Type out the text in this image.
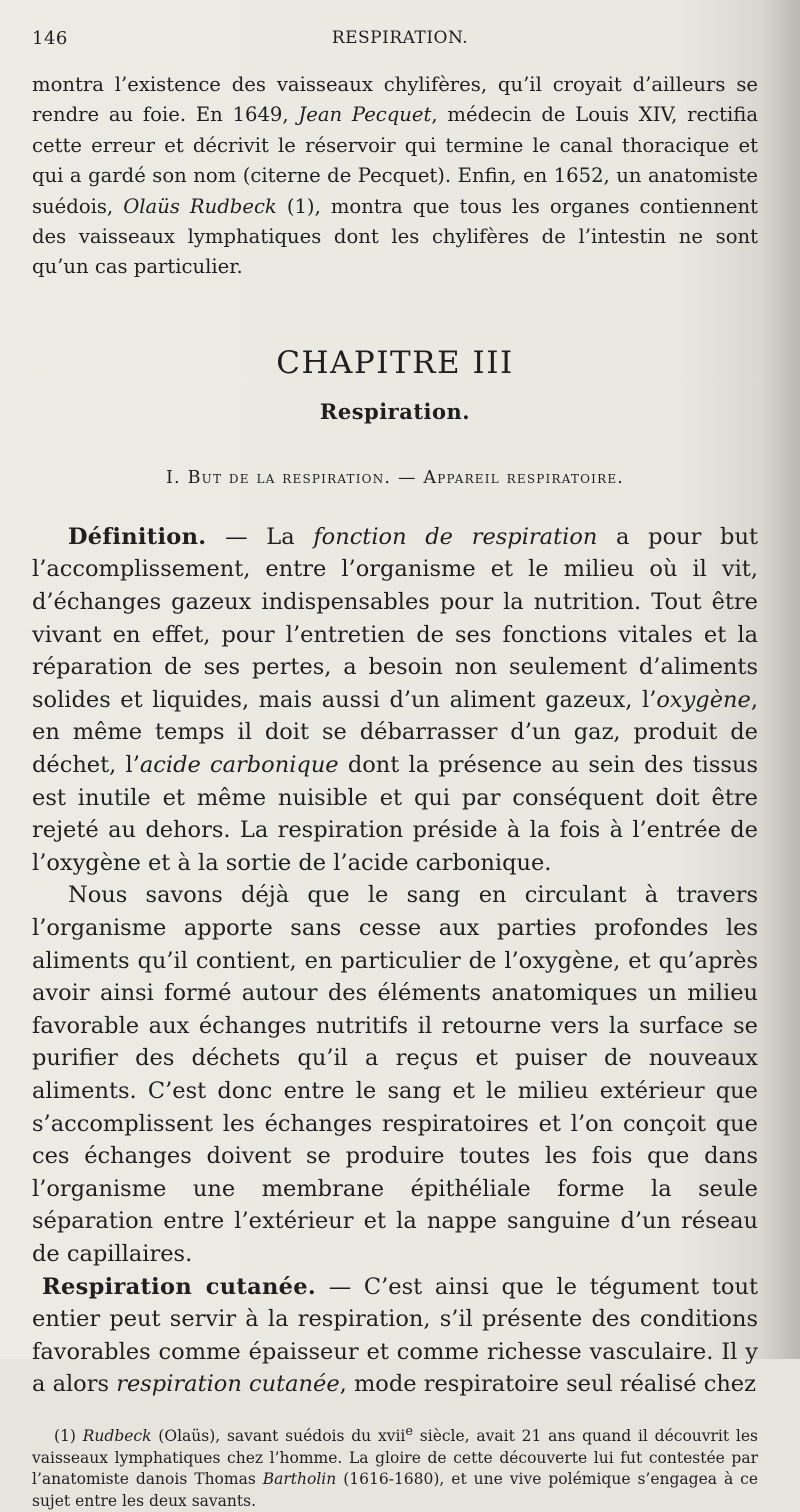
146	RESPIRATION.

montra l’existence des vaisseaux chylifères, qu’il croyait d’ailleurs se rendre au foie. En 1649, Jean Pecquet, médecin de Louis XIV, rectifia cette erreur et décrivit le réservoir qui termine le canal thoracique et qui a gardé son nom (citerne de Pecquet). Enfin, en 1652, un anatomiste suédois, Olaüs Rudbeck (1), montra que tous les organes contiennent des vaisseaux lymphatiques dont les chylifères de l’intestin ne sont qu’un cas particulier.

CHAPITRE III
Respiration.
I. But de la respiration. — Appareil respiratoire.

Définition. — La fonction de respiration a pour but l’accomplissement, entre l’organisme et le milieu où il vit, d’échanges gazeux indispensables pour la nutrition. Tout être vivant en effet, pour l’entretien de ses fonctions vitales et la réparation de ses pertes, a besoin non seulement d’aliments solides et liquides, mais aussi d’un aliment gazeux, l’oxygène, en même temps il doit se débarrasser d’un gaz, produit de déchet, l’acide carbonique dont la présence au sein des tissus est inutile et même nuisible et qui par conséquent doit être rejeté au dehors. La respiration préside à la fois à l’entrée de l’oxygène et à la sortie de l’acide carbonique.

Nous savons déjà que le sang en circulant à travers l’organisme apporte sans cesse aux parties profondes les aliments qu’il contient, en particulier de l’oxygène, et qu’après avoir ainsi formé autour des éléments anatomiques un milieu favorable aux échanges nutritifs il retourne vers la surface se purifier des déchets qu’il a reçus et puiser de nouveaux aliments. C’est donc entre le sang et le milieu extérieur que s’accomplissent les échanges respiratoires et l’on conçoit que ces échanges doivent se produire toutes les fois que dans l’organisme une membrane épithéliale forme la seule séparation entre l’extérieur et la nappe sanguine d’un réseau de capillaires.

Respiration cutanée. — C’est ainsi que le tégument tout entier peut servir à la respiration, s’il présente des conditions favorables comme épaisseur et comme richesse vasculaire. Il y a alors respiration cutanée, mode respiratoire seul réalisé chez

(1) Rudbeck (Olaüs), savant suédois du xvii$^e$ siècle, avait 21 ans quand il découvrit les vaisseaux lymphatiques chez l’homme. La gloire de cette découverte lui fut contestée par l’anatomiste danois Thomas Bartholin (1616-1680), et une vive polémique s’engagea à ce sujet entre les deux savants.
